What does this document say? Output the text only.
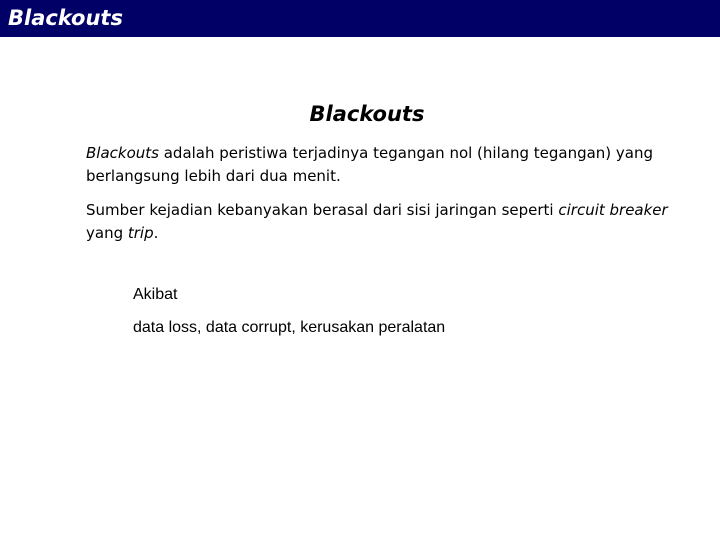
Blackouts
Blackouts
Blackouts adalah peristiwa terjadinya tegangan nol (hilang tegangan) yang berlangsung lebih dari dua menit.
Sumber kejadian kebanyakan berasal dari sisi jaringan seperti circuit breaker yang trip.
Akibat
data loss, data corrupt, kerusakan peralatan
